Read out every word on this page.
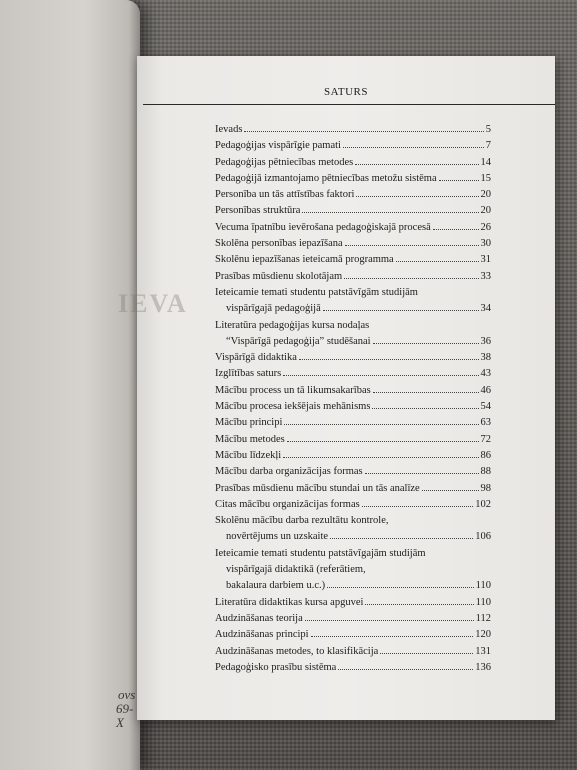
ovs
69-X
IEVA
SATURS
Ievads	5
Pedagoģijas vispārīgie pamati	7
Pedagoģijas pētniecības metodes	14
Pedagoģijā izmantojamo pētniecības metožu sistēma	15
Personība un tās attīstības faktori	20
Personības struktūra	20
Vecuma īpatnību ievērošana pedagoģiskajā procesā	26
Skolēna personības iepazīšana	30
Skolēnu iepazīšanas ieteicamā programma	31
Prasības mūsdienu skolotājam	33
Ieteicamie temati studentu patstāvīgām studijām
vispārīgajā pedagoģijā	34
Literatūra pedagoģijas kursa nodaļas
“Vispārīgā pedagoģija” studēšanai	36
Vispārīgā didaktika	38
Izglītības saturs	43
Mācību process un tā likumsakarības	46
Mācību procesa iekšējais mehānisms	54
Mācību principi	63
Mācību metodes	72
Mācību līdzekļi	86
Mācību darba organizācijas formas	88
Prasības mūsdienu mācību stundai un tās analīze	98
Citas mācību organizācijas formas	102
Skolēnu mācību darba rezultātu kontrole,
novērtējums un uzskaite	106
Ieteicamie temati studentu patstāvīgajām studijām
vispārīgajā didaktikā (referātiem,
bakalaura darbiem u.c.)	110
Literatūra didaktikas kursa apguvei	110
Audzināšanas teorija	112
Audzināšanas principi	120
Audzināšanas metodes, to klasifikācija	131
Pedagoģisko prasību sistēma	136
